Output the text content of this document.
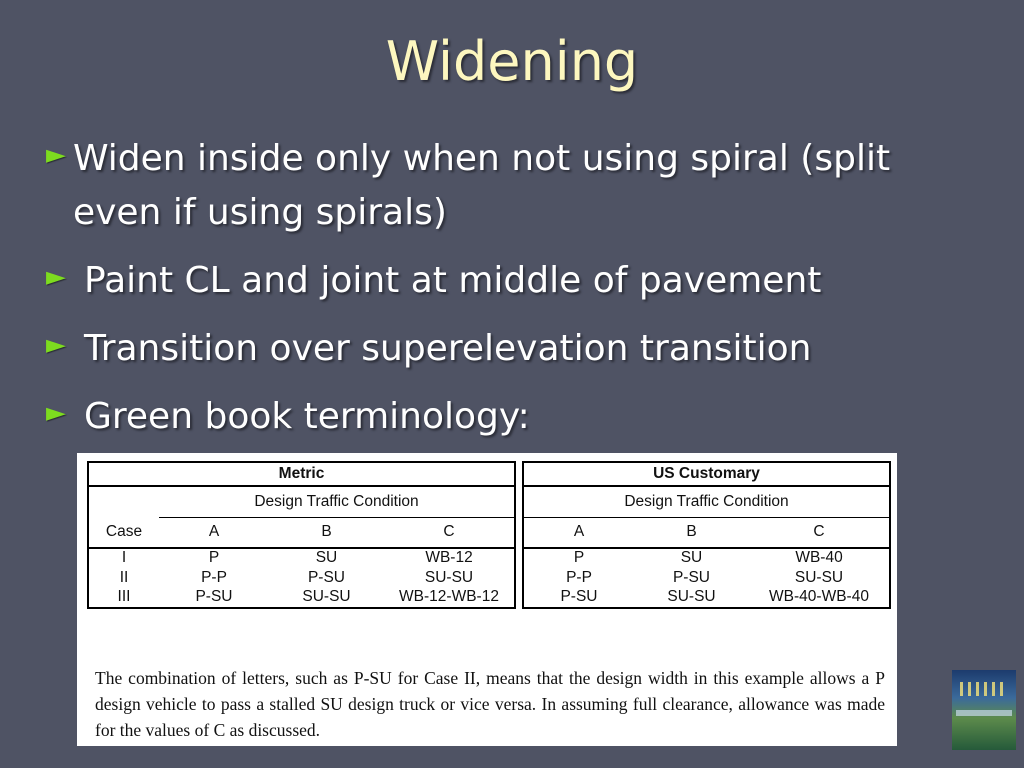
Widening
► Widen inside only when not using spiral (split even if using spirals)
► Paint CL and joint at middle of pavement
► Transition over superelevation transition
► Green book terminology:
Metric					US Customary		
	Design Traffic Condition				Design Traffic Condition		
Case	A	B	C		A	B	C
I	P	SU	WB-12		P	SU	WB-40
II	P-P	P-SU	SU-SU		P-P	P-SU	SU-SU
III	P-SU	SU-SU	WB-12-WB-12		P-SU	SU-SU	WB-40-WB-40
The combination of letters, such as P-SU for Case II, means that the design width in this example allows a P design vehicle to pass a stalled SU design truck or vice versa. In assuming full clearance, allowance was made for the values of C as discussed.
